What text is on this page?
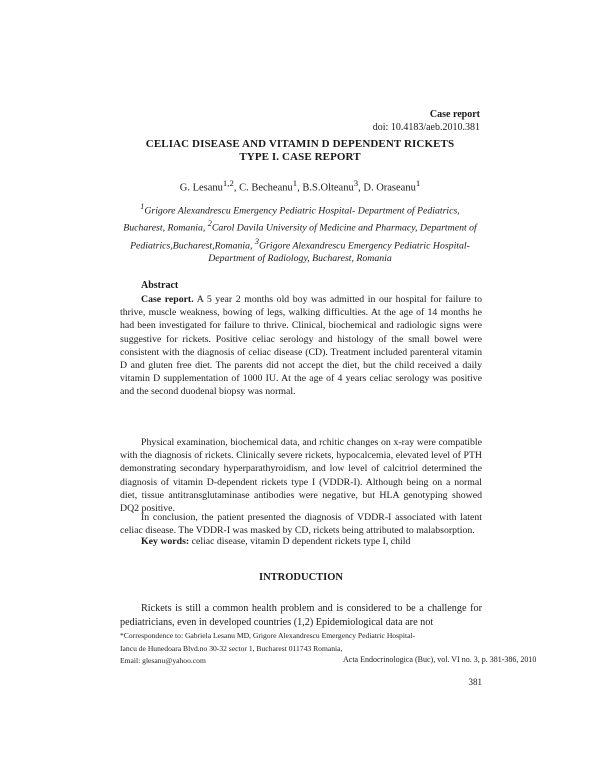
Case report
doi: 10.4183/aeb.2010.381
CELIAC DISEASE AND VITAMIN D DEPENDENT RICKETS
TYPE I. CASE REPORT
G. Lesanu$^{1,2}$, C. Becheanu$^1$, B.S.Olteanu$^3$, D. Oraseanu$^1$
$^1$Grigore Alexandrescu Emergency Pediatric Hospital- Department of Pediatrics, Bucharest, Romania, $^2$Carol Davila University of Medicine and Pharmacy, Department of Pediatrics,Bucharest,Romania, $^3$Grigore Alexandrescu Emergency Pediatric Hospital- Department of Radiology, Bucharest, Romania
Abstract
Case report. A 5 year 2 months old boy was admitted in our hospital for failure to thrive, muscle weakness, bowing of legs, walking difficulties. At the age of 14 months he had been investigated for failure to thrive. Clinical, biochemical and radiologic signs were suggestive for rickets. Positive celiac serology and histology of the small bowel were consistent with the diagnosis of celiac disease (CD). Treatment included parenteral vitamin D and gluten free diet. The parents did not accept the diet, but the child received a daily vitamin D supplementation of 1000 IU. At the age of 4 years celiac serology was positive and the second duodenal biopsy was normal.
Physical examination, biochemical data, and rchitic changes on x-ray were compatible with the diagnosis of rickets. Clinically severe rickets, hypocalcemia, elevated level of PTH demonstrating secondary hyperparathyroidism, and low level of calcitriol determined the diagnosis of vitamin D-dependent rickets type I (VDDR-I). Although being on a normal diet, tissue antitransglutaminase antibodies were negative, but HLA genotyping showed DQ2 positive.
In conclusion, the patient presented the diagnosis of VDDR-I associated with latent celiac disease. The VDDR-I was masked by CD, rickets being attributed to malabsorption.
Key words: celiac disease, vitamin D dependent rickets type I, child
INTRODUCTION
Rickets is still a common health problem and is considered to be a challenge for pediatricians, even in developed countries (1,2) Epidemiological data are not
*Correspondence to: Gabriela Lesanu MD, Grigore Alexandrescu Emergency Pediatric Hospital-
Iancu de Hunedoara Blvd.no 30-32 sector 1, Bucharest 011743 Romania,
Email: glesanu@yahoo.com	Acta Endocrinologica (Buc), vol. VI no. 3, p. 381-386, 2010
381
